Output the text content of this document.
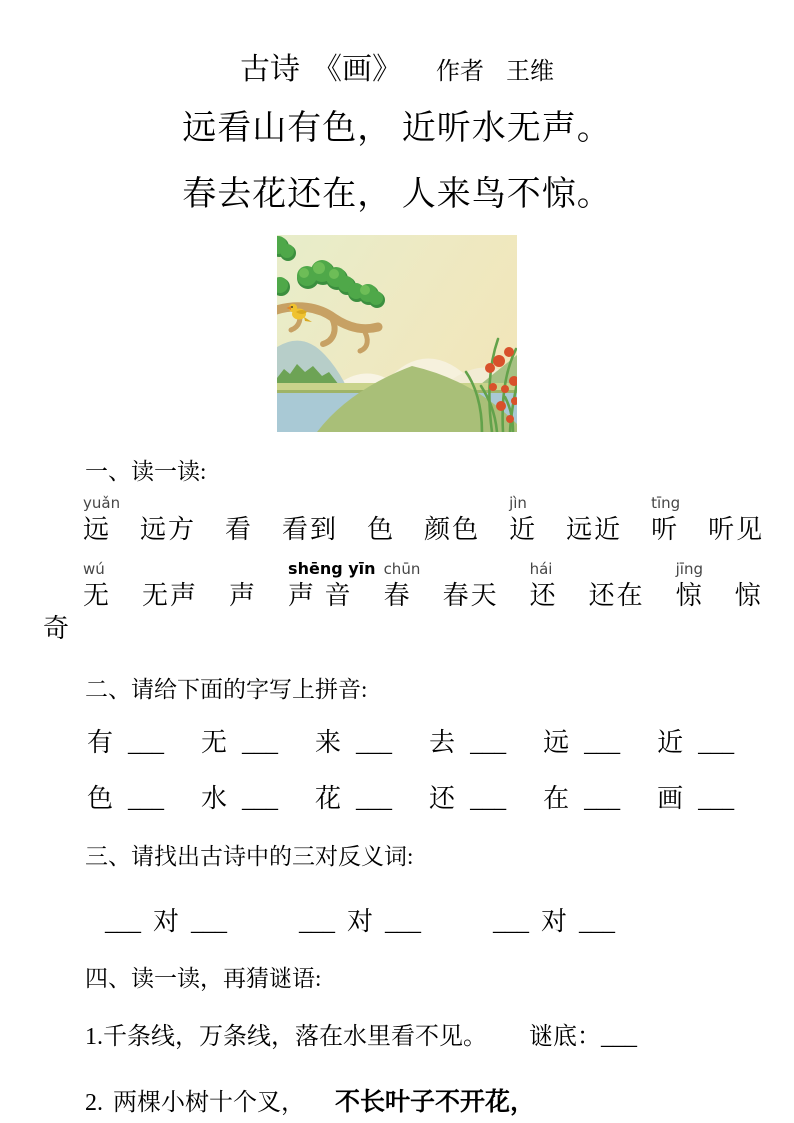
古诗 《画》 作者 王维
远看山有色， 近听水无声。
春去花还在， 人来鸟不惊。
一、读一读:
yuǎn
远 远方 看 看到 色 颜色
jìn
近 远近
tīng
听 听见
wú
无 无声 声
shēng yīn
声 音
chūn
春 春天
hái
还 还在
jīng
惊 惊
奇
二、请给下面的字写上拼音:
有 ___ 无 ___ 来 ___ 去 ___ 远 ___ 近 ___
色 ___ 水 ___ 花 ___ 还 ___ 在 ___ 画 ___
三、请找出古诗中的三对反义词:
___ 对 ___	___ 对 ___	___ 对 ___
四、读一读，再猜谜语:
1. 千条线，万条线，落在水里看不见。 谜底： ___
2. 两棵小树十个叉， 不长叶子不开花，
